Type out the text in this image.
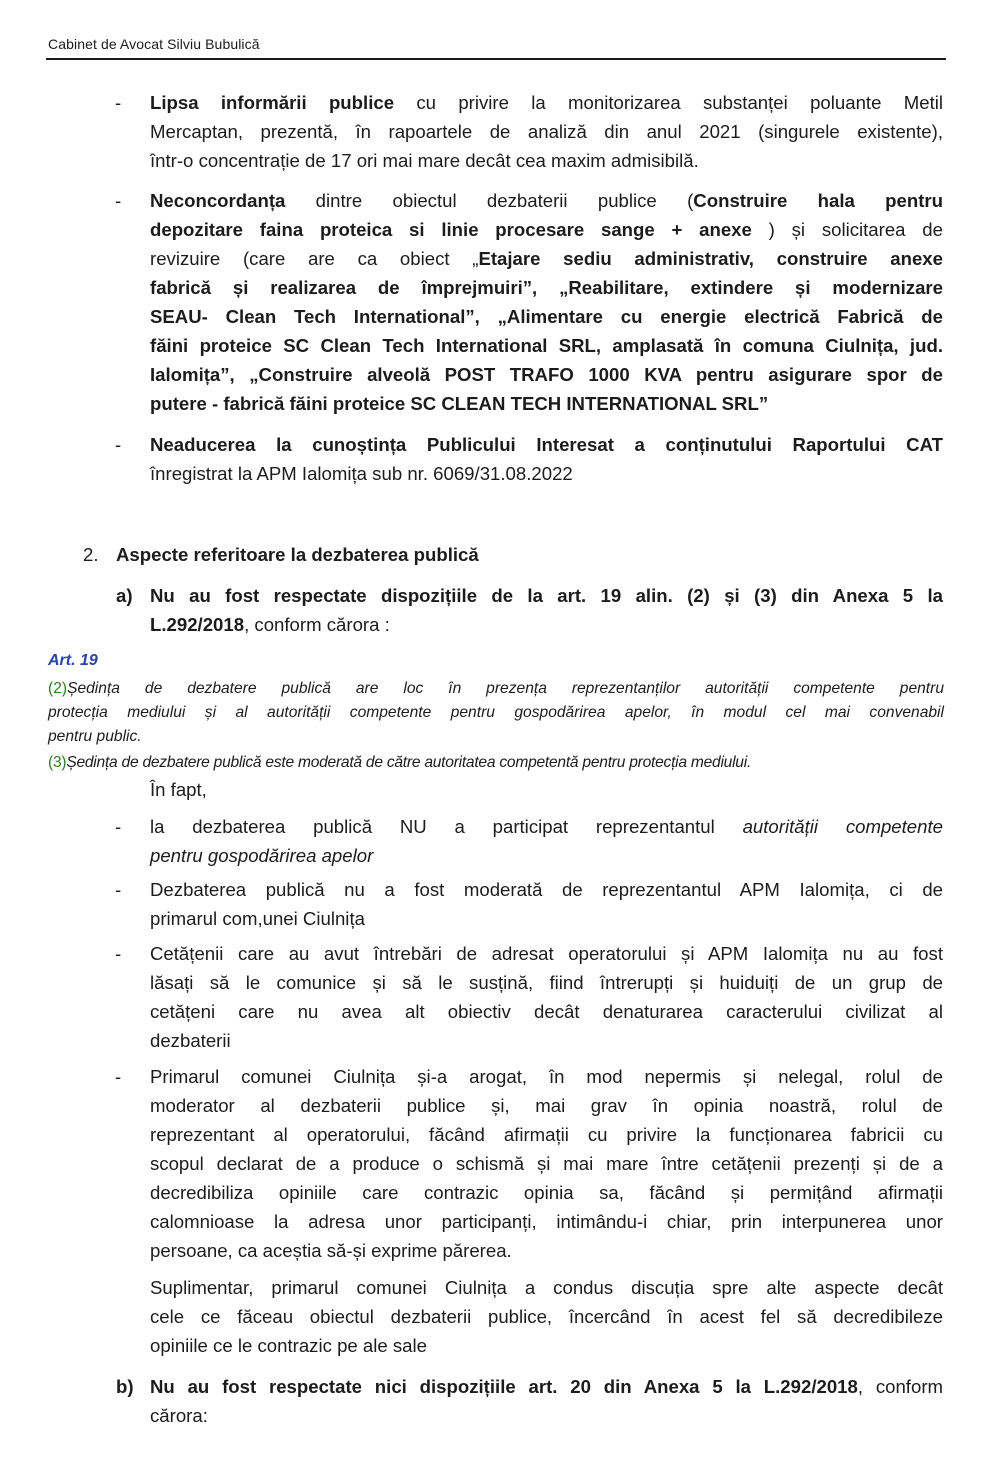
Cabinet de Avocat Silviu Bubulică
- Lipsa informării publice cu privire la monitorizarea substanței poluante Metil
Mercaptan, prezentă, în rapoartele de analiză din anul 2021 (singurele existente),
într-o concentrație de 17 ori mai mare decât cea maxim admisibilă.
- Neconcordanța dintre obiectul dezbaterii publice (Construire hala pentru
depozitare faina proteica si linie procesare sange + anexe ) și solicitarea de
revizuire (care are ca obiect „Etajare sediu administrativ, construire anexe
fabrică și realizarea de împrejmuiri”, „Reabilitare, extindere și modernizare
SEAU- Clean Tech International”, „Alimentare cu energie electrică Fabrică de
făini proteice SC Clean Tech International SRL, amplasată în comuna Ciulnița, jud.
Ialomița”, „Construire alveolă POST TRAFO 1000 KVA pentru asigurare spor de
putere - fabrică făini proteice SC CLEAN TECH INTERNATIONAL SRL”
- Neaducerea la cunoștința Publicului Interesat a conținutului Raportului CAT
înregistrat la APM Ialomița sub nr. 6069/31.08.2022
2. Aspecte referitoare la dezbaterea publică
a) Nu au fost respectate dispozițiile de la art. 19 alin. (2) și (3) din Anexa 5 la
L.292/2018, conform cărora :
Art. 19
(2)Ședința de dezbatere publică are loc în prezența reprezentanților autorității competente pentru
protecția mediului și al autorității competente pentru gospodărirea apelor, în modul cel mai convenabil
pentru public.
(3)Ședința de dezbatere publică este moderată de către autoritatea competentă pentru protecția mediului.
În fapt,
- la dezbaterea publică NU a participat reprezentantul autorității competente
pentru gospodărirea apelor
- Dezbaterea publică nu a fost moderată de reprezentantul APM Ialomița, ci de
primarul com,unei Ciulnița
- Cetățenii care au avut întrebări de adresat operatorului și APM Ialomița nu au fost
lăsați să le comunice și să le susțină, fiind întrerupți și huiduiți de un grup de
cetățeni care nu avea alt obiectiv decât denaturarea caracterului civilizat al
dezbaterii
- Primarul comunei Ciulnița și-a arogat, în mod nepermis și nelegal, rolul de
moderator al dezbaterii publice și, mai grav în opinia noastră, rolul de
reprezentant al operatorului, făcând afirmații cu privire la funcționarea fabricii cu
scopul declarat de a produce o schismă și mai mare între cetățenii prezenți și de a
decredibiliza opiniile care contrazic opinia sa, făcând și permițând afirmații
calomnioase la adresa unor participanți, intimându-i chiar, prin interpunerea unor
persoane, ca aceștia să-și exprime părerea.
Suplimentar, primarul comunei Ciulnița a condus discuția spre alte aspecte decât
cele ce făceau obiectul dezbaterii publice, încercând în acest fel să decredibileze
opiniile ce le contrazic pe ale sale
b) Nu au fost respectate nici dispozițiile art. 20 din Anexa 5 la L.292/2018, conform
cărora:
